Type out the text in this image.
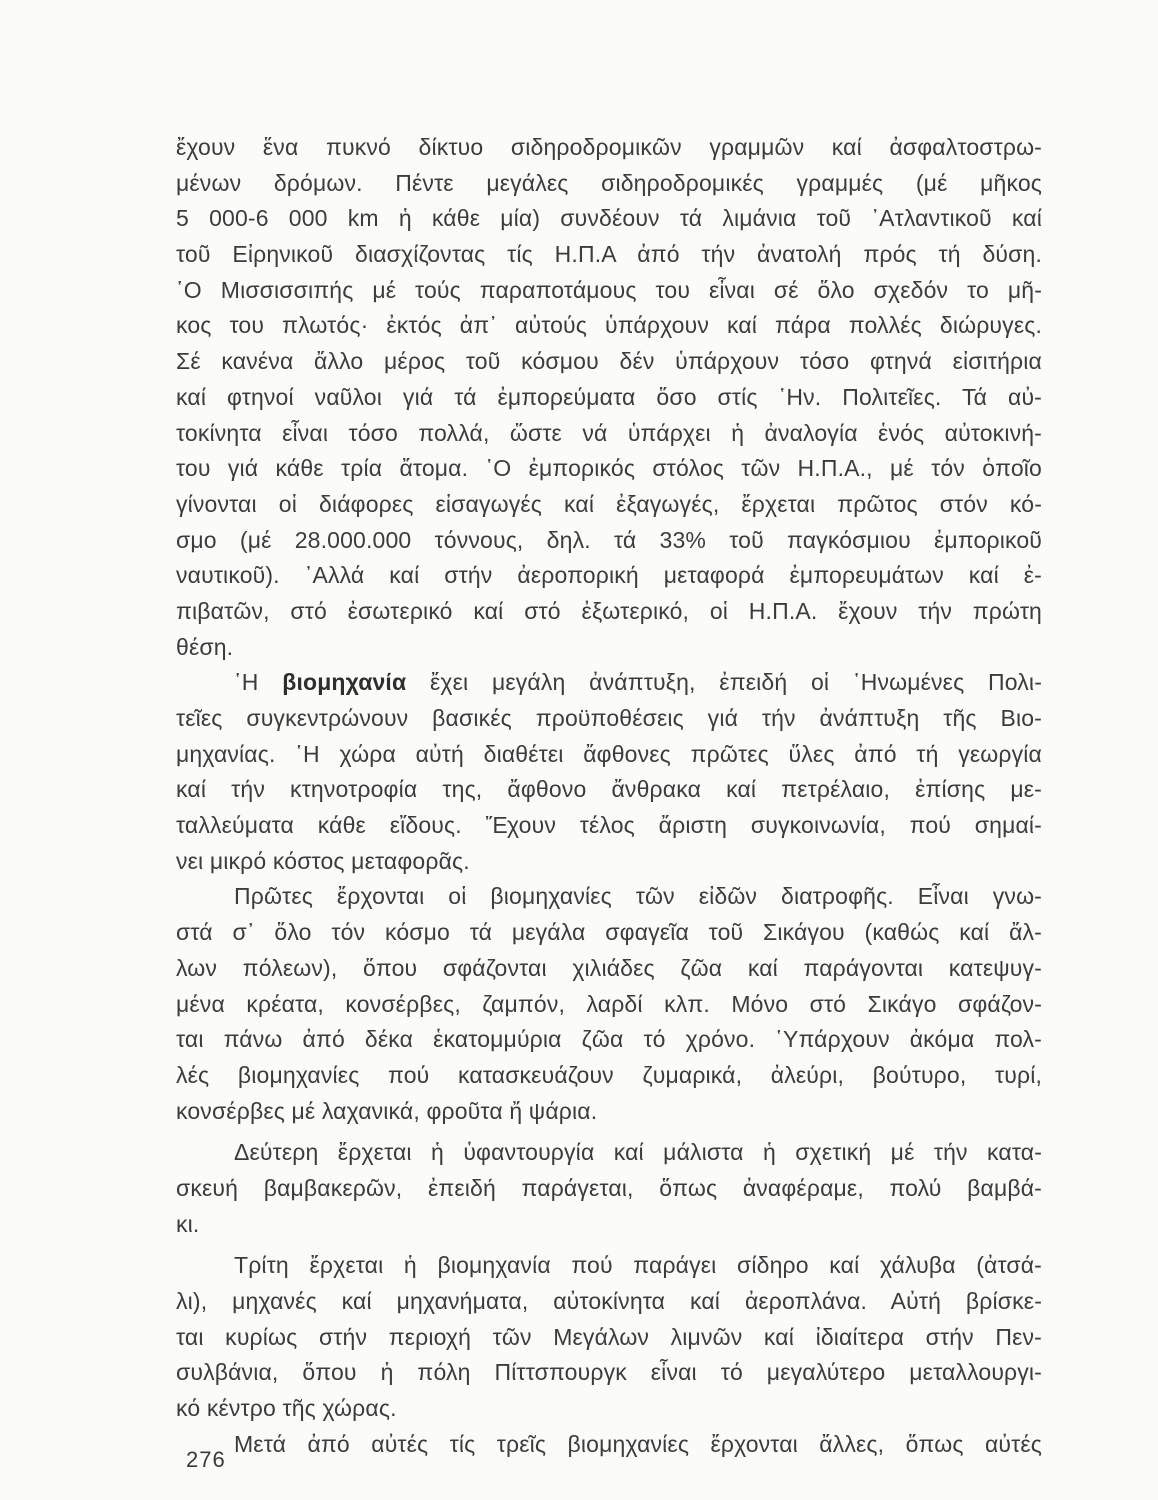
ἔχουν ἕνα πυκνό δίκτυο σιδηροδρομικῶν γραμμῶν καί ἀσφαλτοστρω-
μένων δρόμων. Πέντε μεγάλες σιδηροδρομικές γραμμές (μέ μῆκος
5 000-6 000 km ἡ κάθε μία) συνδέουν τά λιμάνια τοῦ ᾿Ατλαντικοῦ καί
τοῦ Εἰρηνικοῦ διασχίζοντας τίς Η.Π.Α ἀπό τήν ἀνατολή πρός τή δύση.
῾Ο Μισσισσιπής μέ τούς παραποτάμους του εἶναι σέ ὅλο σχεδόν το μῆ-
κος του πλωτός· ἐκτός ἀπ᾿ αὐτούς ὑπάρχουν καί πάρα πολλές διώρυγες.
Σέ κανένα ἄλλο μέρος τοῦ κόσμου δέν ὑπάρχουν τόσο φτηνά εἰσιτήρια
καί φτηνοί ναῦλοι γιά τά ἐμπορεύματα ὅσο στίς ῾Ην. Πολιτεῖες. Τά αὐ-
τοκίνητα εἶναι τόσο πολλά, ὥστε νά ὑπάρχει ἡ ἀναλογία ἑνός αὐτοκινή-
του γιά κάθε τρία ἄτομα. ῾Ο ἐμπορικός στόλος τῶν Η.Π.Α., μέ τόν ὁποῖο
γίνονται οἱ διάφορες εἰσαγωγές καί ἐξαγωγές, ἔρχεται πρῶτος στόν κό-
σμο (μέ 28.000.000 τόννους, δηλ. τά 33% τοῦ παγκόσμιου ἐμπορικοῦ
ναυτικοῦ). ᾿Αλλά καί στήν ἀεροπορική μεταφορά ἐμπορευμάτων καί ἐ-
πιβατῶν, στό ἐσωτερικό καί στό ἐξωτερικό, οἱ Η.Π.Α. ἔχουν τήν πρώτη
θέση.
῾Η βιομηχανία ἔχει μεγάλη ἀνάπτυξη, ἐπειδή οἱ ῾Ηνωμένες Πολι-
τεῖες συγκεντρώνουν βασικές προϋποθέσεις γιά τήν ἀνάπτυξη τῆς Βιο-
μηχανίας. ῾Η χώρα αὐτή διαθέτει ἄφθονες πρῶτες ὕλες ἀπό τή γεωργία
καί τήν κτηνοτροφία της, ἄφθονο ἄνθρακα καί πετρέλαιο, ἐπίσης με-
ταλλεύματα κάθε εἴδους. Ἔχουν τέλος ἄριστη συγκοινωνία, πού σημαί-
νει μικρό κόστος μεταφορᾶς.
Πρῶτες ἔρχονται οἱ βιομηχανίες τῶν εἰδῶν διατροφῆς. Εἶναι γνω-
στά σ᾿ ὅλο τόν κόσμο τά μεγάλα σφαγεῖα τοῦ Σικάγου (καθώς καί ἄλ-
λων πόλεων), ὅπου σφάζονται χιλιάδες ζῶα καί παράγονται κατεψυγ-
μένα κρέατα, κονσέρβες, ζαμπόν, λαρδί κλπ. Μόνο στό Σικάγο σφάζον-
ται πάνω ἀπό δέκα ἑκατομμύρια ζῶα τό χρόνο. ῾Υπάρχουν ἀκόμα πολ-
λές βιομηχανίες πού κατασκευάζουν ζυμαρικά, ἀλεύρι, βούτυρο, τυρί,
κονσέρβες μέ λαχανικά, φροῦτα ἤ ψάρια.
Δεύτερη ἔρχεται ἡ ὑφαντουργία καί μάλιστα ἡ σχετική μέ τήν κατα-
σκευή βαμβακερῶν, ἐπειδή παράγεται, ὅπως ἀναφέραμε, πολύ βαμβά-
κι.
Τρίτη ἔρχεται ἡ βιομηχανία πού παράγει σίδηρο καί χάλυβα (ἀτσά-
λι), μηχανές καί μηχανήματα, αὐτοκίνητα καί ἀεροπλάνα. Αὐτή βρίσκε-
ται κυρίως στήν περιοχή τῶν Μεγάλων λιμνῶν καί ἰδιαίτερα στήν Πεν-
συλβάνια, ὅπου ἡ πόλη Πίττσπουργκ εἶναι τό μεγαλύτερο μεταλλουργι-
κό κέντρο τῆς χώρας.
Μετά ἀπό αὐτές τίς τρεῖς βιομηχανίες ἔρχονται ἄλλες, ὅπως αὐτές
276
